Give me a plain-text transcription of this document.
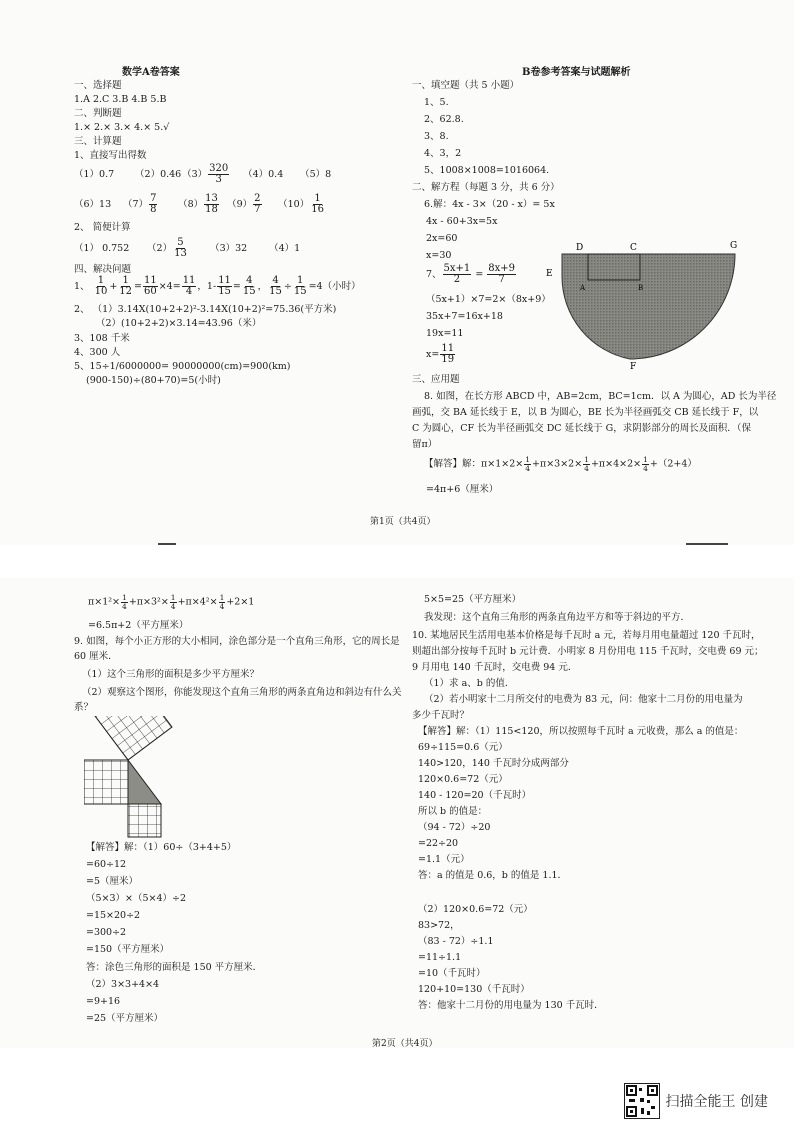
数学A卷答案
一、选择题
1.A 2.C 3.B 4.B 5.B
二、判断题
1.× 2.× 3.× 4.× 5.√
三、计算题
1、直接写出得数
（1）0.7 （2）0.46 $(3) \frac{320}{3} (4)0.4$ （5）8
（6）13 $(7) \frac{7}{8} (8) \frac{13}{18} (9) \frac{2}{7} (10) \frac{1}{16}$
2、 简便计算
（1） 0.752 $(2) \frac{5}{13} (3)32$ （4）1
四、解决问题
1、 $\frac{1}{10} + \frac{1}{12} = \frac{11}{60} \times 4= \frac{11}{4}$ ，$1- \frac{11}{15} = \frac{4}{15}$ ， $\frac{4}{15} \div \frac{1}{15} =4$（小时）
2、 （1）3.14X(10+2+2)²-3.14X(10+2)²=75.36(平方米)
（2）(10+2+2)×3.14=43.96（米）
3、108 千米
4、300 人
5、15÷1/6000000= 90000000(cm)=900(km)
(900-150)÷(80+70)=5(小时)
B卷参考答案与试题解析
一、填空题（共 5 小题）
1、5.
2、62.8.
3、8.
4、3，2
5、1008×1008=1016064.
二、解方程（每题 3 分，共 6 分）
6.解：4x - 3×（20 - x）= 5x
4x - 60+3x=5x
2x=60
x=30
7、 $\frac{5x+1}{2} = \frac{8x+9}{7}$
（5x+1）×7=2×（8x+9）
35x+7=16x+18
19x=11
$x= \frac{11}{19}$
三、应用题
8. 如图，在长方形 ABCD 中，AB=2cm，BC=1cm．以 A 为圆心，AD 长为半径
画弧，交 BA 延长线于 E，以 B 为圆心，BE 长为半径画弧交 CB 延长线于 F，以
C 为圆心，CF 长为半径画弧交 DC 延长线于 G，求阴影部分的周长及面积．（保
留π）
【解答】解：$\pi\times 1\times 2\times \frac{1}{4} +\pi\times 3\times 2\times \frac{1}{4} +\pi\times 4\times 2\times \frac{1}{4} +(2+4)$
=4π+6（厘米）
D	C	G
E
A	B
F
第1页（共4页）
$\pi\times 1^2\times \frac{1}{4} +\pi\times 3^2\times \frac{1}{4} +\pi\times 4^2\times \frac{1}{4} +2\times 1$
=6.5π+2（平方厘米）
9. 如图，每个小正方形的大小相同，涂色部分是一个直角三角形，它的周长是
60 厘米．
（1）这个三角形的面积是多少平方厘米？
（2）观察这个图形，你能发现这个直角三角形的两条直角边和斜边有什么关
系？
【解答】解：（1）60÷（3+4+5）
=60÷12
=5（厘米）
（5×3）×（5×4）÷2
=15×20÷2
=300÷2
=150（平方厘米）
答：涂色三角形的面积是 150 平方厘米．
（2）3×3+4×4
=9+16
=25（平方厘米）
5×5=25（平方厘米）
我发现：这个直角三角形的两条直角边平方和等于斜边的平方．
10. 某地居民生活用电基本价格是每千瓦时 a 元，若每月用电量超过 120 千瓦时，
则超出部分按每千瓦时 b 元计费．小明家 8 月份用电 115 千瓦时，交电费 69 元；
9 月用电 140 千瓦时，交电费 94 元．
（1）求 a、b 的值．
（2）若小明家十二月所交付的电费为 83 元，问：他家十二月份的用电量为
多少千瓦时？
【解答】解：（1）115<120，所以按照每千瓦时 a 元收费，那么 a 的值是：
69÷115=0.6（元）
140>120，140 千瓦时分成两部分
120×0.6=72（元）
140 - 120=20（千瓦时）
所以 b 的值是：
（94 - 72）÷20
=22÷20
=1.1（元）
答：a 的值是 0.6，b 的值是 1.1．
（2）120×0.6=72（元）
83>72，
（83 - 72）÷1.1
=11÷1.1
=10（千瓦时）
120+10=130（千瓦时）
答：他家十二月份的用电量为 130 千瓦时．
第2页（共4页）
扫描全能王 创建
